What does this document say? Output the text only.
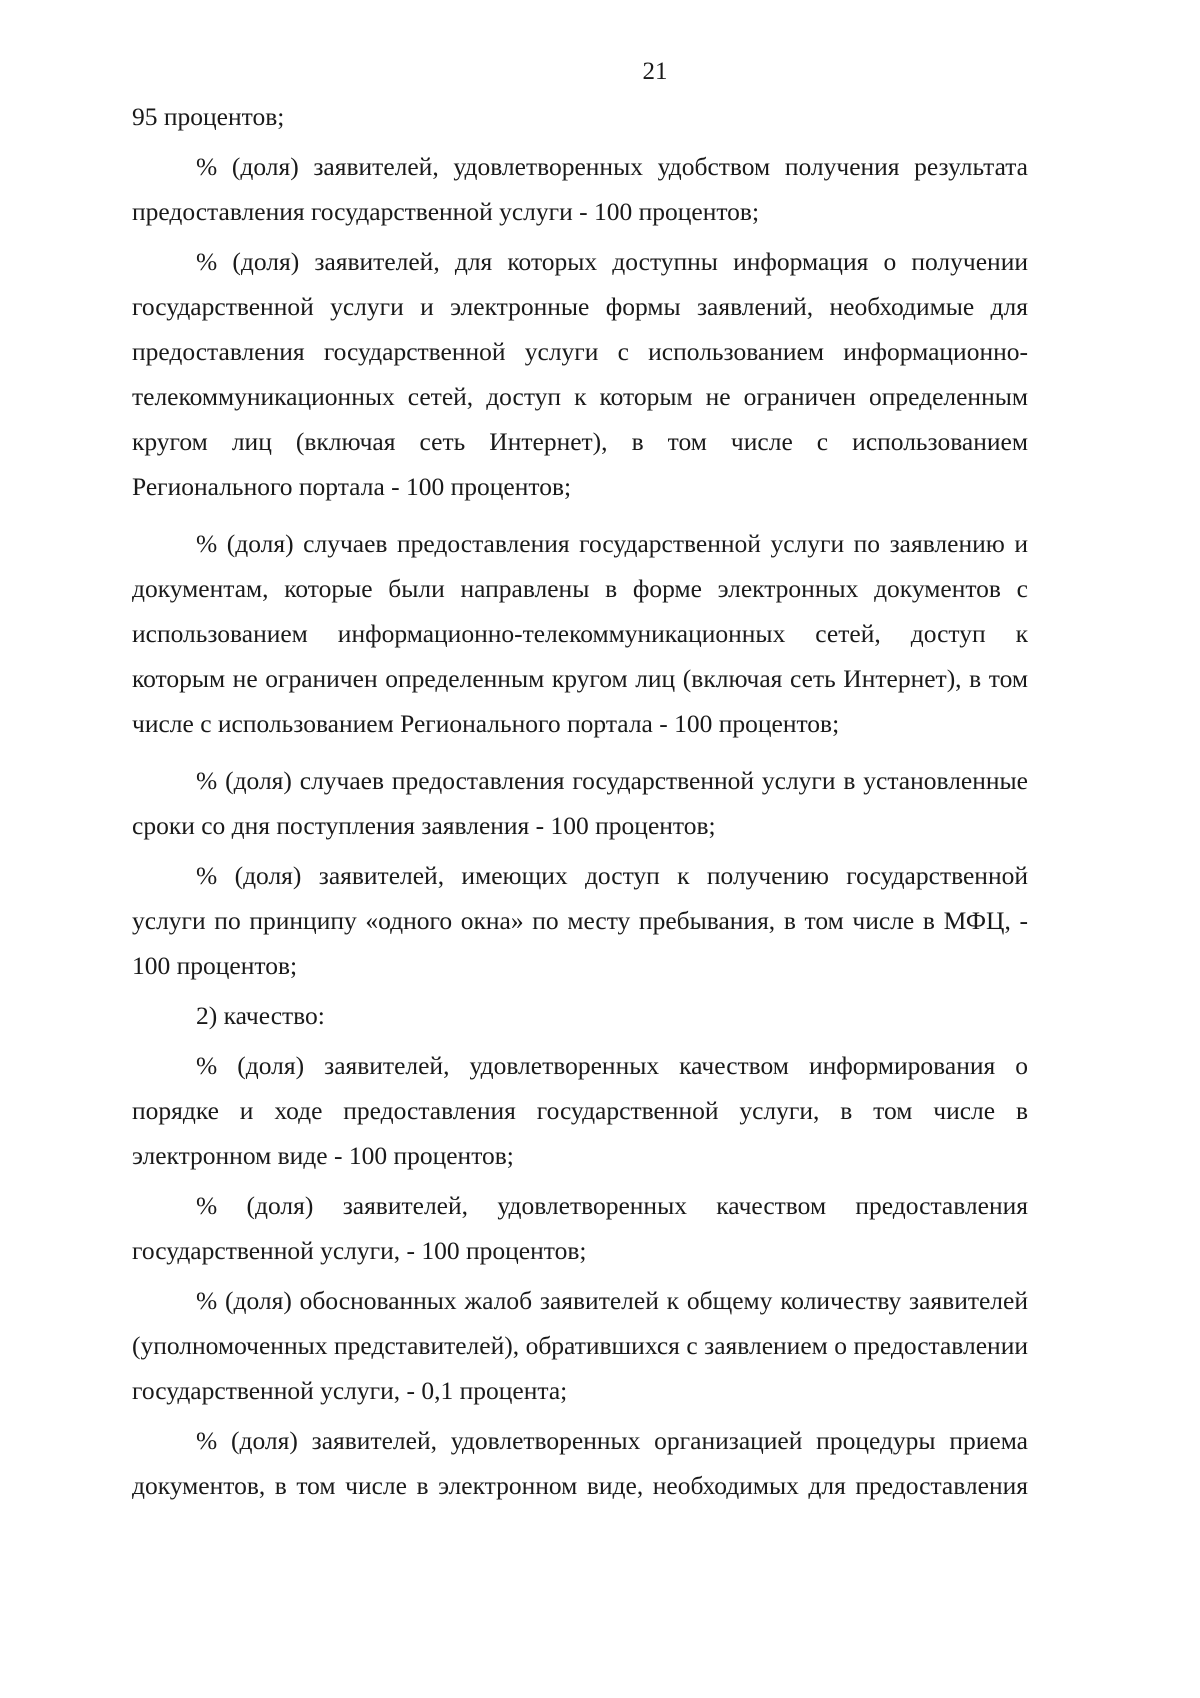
21

95 процентов;

% (доля) заявителей, удовлетворенных удобством получения результата предоставления государственной услуги - 100 процентов;

% (доля) заявителей, для которых доступны информация о получении государственной услуги и электронные формы заявлений, необходимые для предоставления государственной услуги с использованием информационно-телекоммуникационных сетей, доступ к которым не ограничен определенным кругом лиц (включая сеть Интернет), в том числе с использованием Регионального портала - 100 процентов;

% (доля) случаев предоставления государственной услуги по заявлению и документам, которые были направлены в форме электронных документов с использованием информационно-телекоммуникационных сетей, доступ к которым не ограничен определенным кругом лиц (включая сеть Интернет), в том числе с использованием Регионального портала - 100 процентов;

% (доля) случаев предоставления государственной услуги в установленные сроки со дня поступления заявления - 100 процентов;

% (доля) заявителей, имеющих доступ к получению государственной услуги по принципу «одного окна» по месту пребывания, в том числе в МФЦ, - 100 процентов;

2) качество:

% (доля) заявителей, удовлетворенных качеством информирования о порядке и ходе предоставления государственной услуги, в том числе в электронном виде - 100 процентов;

% (доля) заявителей, удовлетворенных качеством предоставления государственной услуги, - 100 процентов;

% (доля) обоснованных жалоб заявителей к общему количеству заявителей (уполномоченных представителей), обратившихся с заявлением о предоставлении государственной услуги, - 0,1 процента;

% (доля) заявителей, удовлетворенных организацией процедуры приема документов, в том числе в электронном виде, необходимых для предоставления
